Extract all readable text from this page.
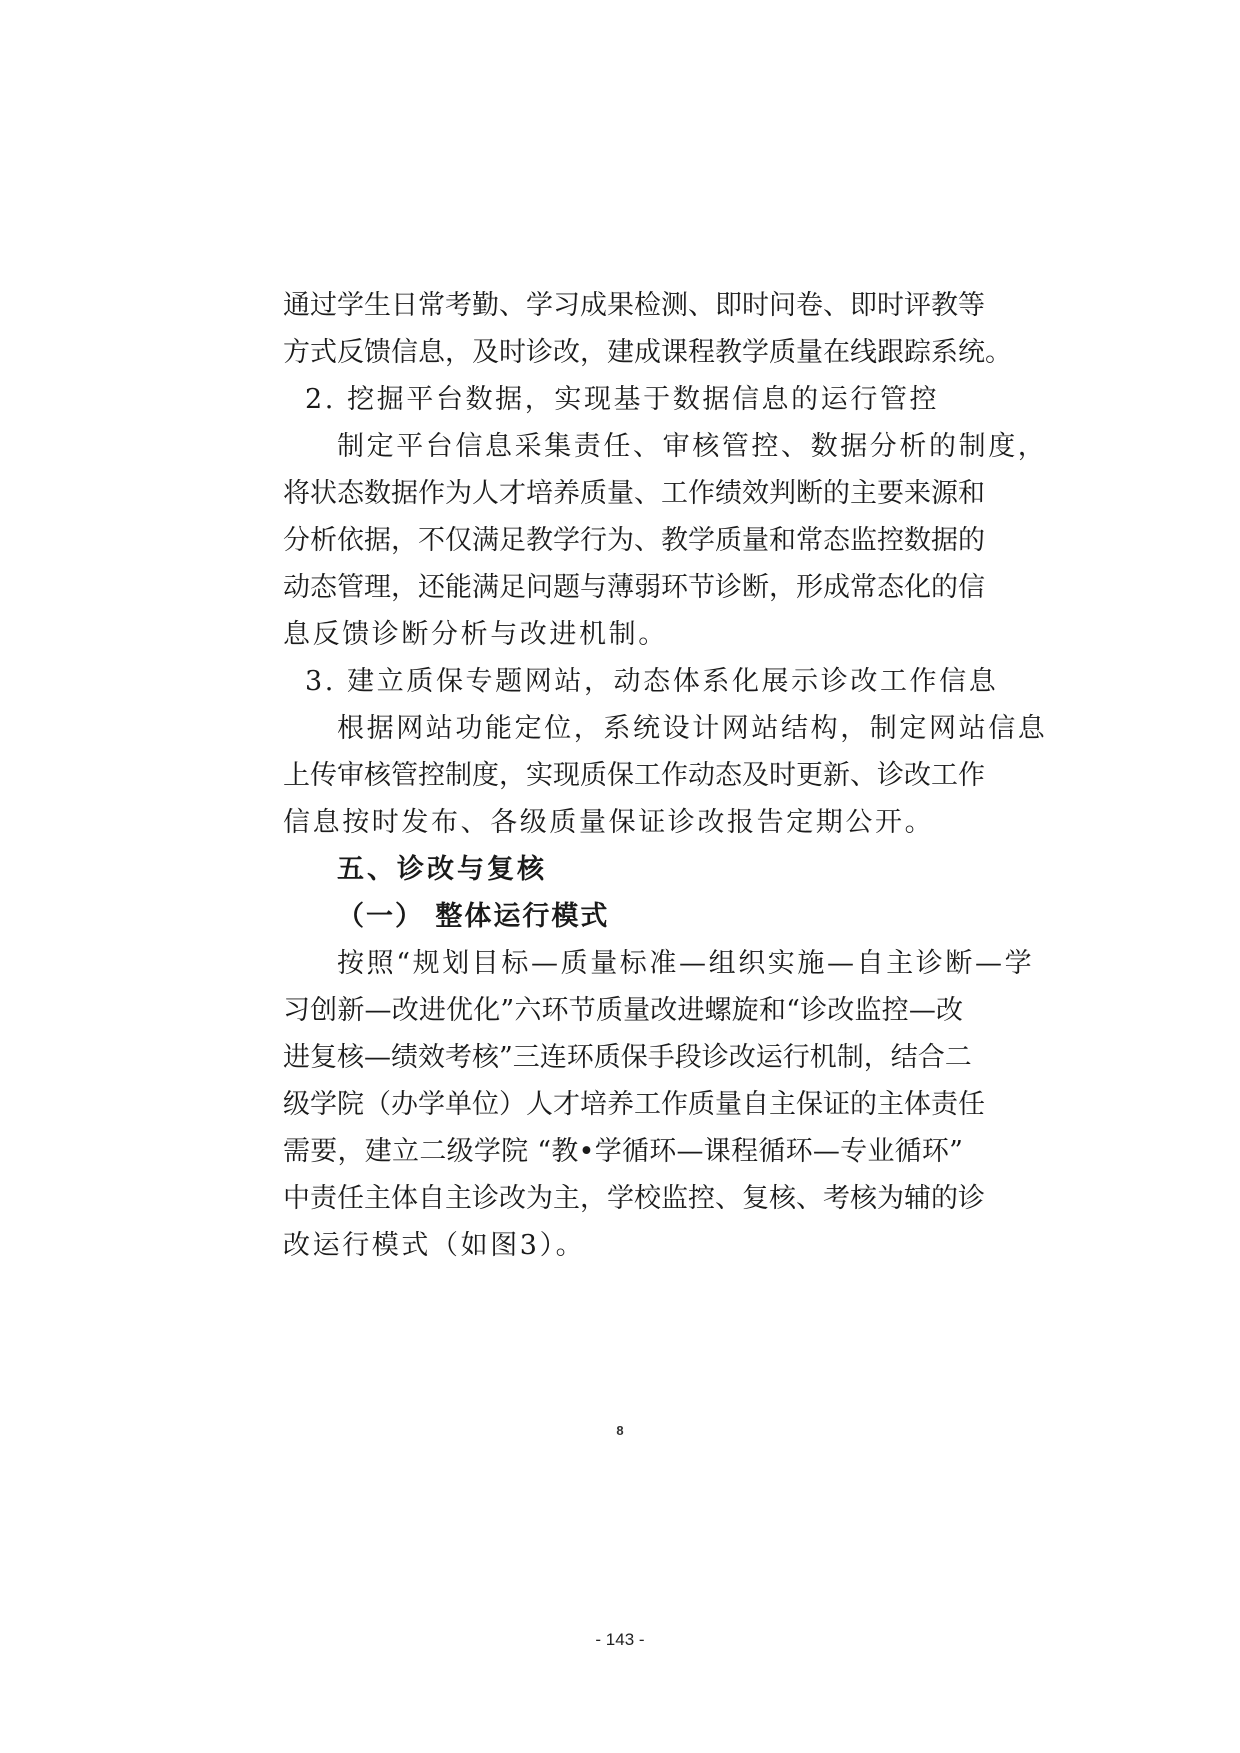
通过学生日常考勤、学习成果检测、即时问卷、即时评教等
方式反馈信息，及时诊改，建成课程教学质量在线跟踪系统。
2. 挖掘平台数据，实现基于数据信息的运行管控
制定平台信息采集责任、审核管控、数据分析的制度，
将状态数据作为人才培养质量、工作绩效判断的主要来源和
分析依据，不仅满足教学行为、教学质量和常态监控数据的
动态管理，还能满足问题与薄弱环节诊断，形成常态化的信
息反馈诊断分析与改进机制。
3. 建立质保专题网站，动态体系化展示诊改工作信息
根据网站功能定位，系统设计网站结构，制定网站信息
上传审核管控制度，实现质保工作动态及时更新、诊改工作
信息按时发布、各级质量保证诊改报告定期公开。
五、诊改与复核
（一） 整体运行模式
按照“规划目标—质量标准—组织实施—自主诊断—学
习创新—改进优化”六环节质量改进螺旋和“诊改监控—改
进复核—绩效考核”三连环质保手段诊改运行机制，结合二
级学院（办学单位）人才培养工作质量自主保证的主体责任
需要，建立二级学院 “教•学循环—课程循环—专业循环”
中责任主体自主诊改为主，学校监控、复核、考核为辅的诊
改运行模式（如图3）。
8
- 143 -
